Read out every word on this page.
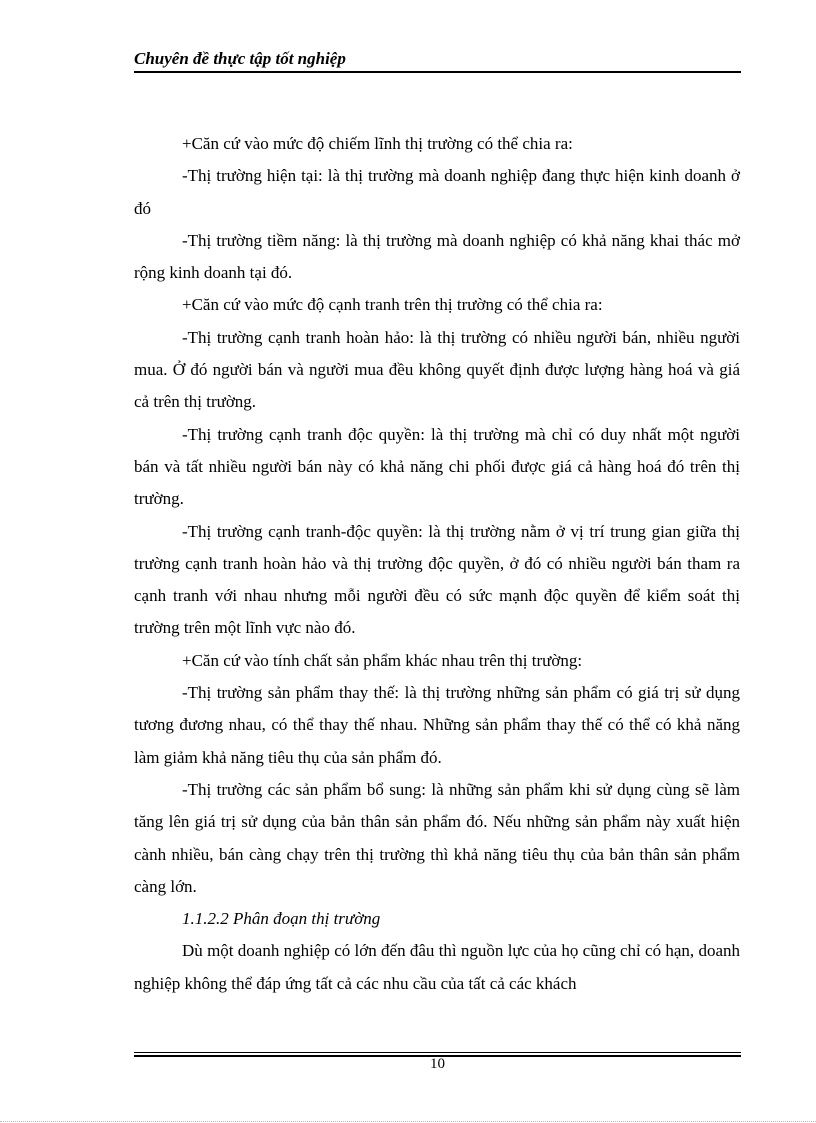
Chuyên đề thực tập tốt nghiệp

+Căn cứ vào mức độ chiếm lĩnh thị trường có thể chia ra:

-Thị trường hiện tại: là thị trường mà doanh nghiệp đang thực hiện kinh doanh ở đó

-Thị trường tiềm năng: là thị trường mà doanh nghiệp có khả năng khai thác mở rộng kinh doanh tại đó.

+Căn cứ vào mức độ cạnh tranh trên thị trường có thể chia ra:

-Thị trường cạnh tranh hoàn hảo: là thị trường có nhiều người bán, nhiều người mua. Ở đó người bán và người mua đều không quyết định được lượng hàng hoá và giá cả trên thị trường.

-Thị trường cạnh tranh độc quyền: là thị trường mà chỉ có duy nhất một người bán và tất nhiều người bán này có khả năng chi phối được giá cả hàng hoá đó trên thị trường.

-Thị trường cạnh tranh-độc quyền: là thị trường nằm ở vị trí trung gian giữa thị trường cạnh tranh hoàn hảo và thị trường độc quyền, ở đó có nhiều người bán tham ra cạnh tranh với nhau nhưng mỗi người đều có sức mạnh độc quyền để kiểm soát thị trường trên một lĩnh vực nào đó.

+Căn cứ vào tính chất sản phẩm khác nhau trên thị trường:

-Thị trường sản phẩm thay thế: là thị trường những sản phẩm có giá trị sử dụng tương đương nhau, có thể thay thế nhau. Những sản phẩm thay thế có thể có khả năng làm giảm khả năng tiêu thụ của sản phẩm đó.

-Thị trường các sản phẩm bổ sung: là những sản phẩm khi sử dụng cùng sẽ làm tăng lên giá trị sử dụng của bản thân sản phẩm đó. Nếu những sản phẩm này xuất hiện cành nhiều, bán càng chạy trên thị trường thì khả năng tiêu thụ của bản thân sản phẩm càng lớn.

1.1.2.2 Phân đoạn thị trường

Dù một doanh nghiệp có lớn đến đâu thì nguồn lực của họ cũng chỉ có hạn, doanh nghiệp không thể đáp ứng tất cả các nhu cầu của tất cả các khách

10
